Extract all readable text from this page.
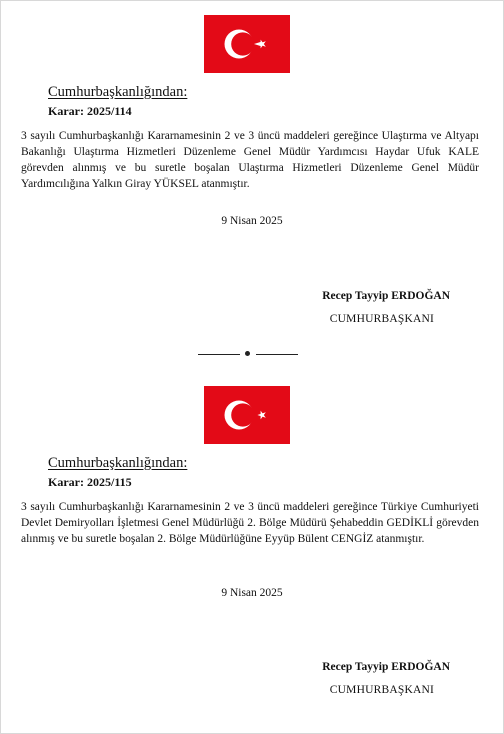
Cumhurbaşkanlığından:
Karar: 2025/114

3 sayılı Cumhurbaşkanlığı Kararnamesinin 2 ve 3 üncü maddeleri gereğince Ulaştırma ve Altyapı Bakanlığı Ulaştırma Hizmetleri Düzenleme Genel Müdür Yardımcısı Haydar Ufuk KALE görevden alınmış ve bu suretle boşalan Ulaştırma Hizmetleri Düzenleme Genel Müdür Yardımcılığına Yalkın Giray YÜKSEL atanmıştır.

9 Nisan 2025
Recep Tayyip ERDOĞAN
CUMHURBAŞKANI
Cumhurbaşkanlığından:
Karar: 2025/115

3 sayılı Cumhurbaşkanlığı Kararnamesinin 2 ve 3 üncü maddeleri gereğince Türkiye Cumhuriyeti Devlet Demiryolları İşletmesi Genel Müdürlüğü 2. Bölge Müdürü Şehabeddin GEDİKLİ görevden alınmış ve bu suretle boşalan 2. Bölge Müdürlüğüne Eyyüp Bülent CENGİZ atanmıştır.

9 Nisan 2025
Recep Tayyip ERDOĞAN
CUMHURBAŞKANI
